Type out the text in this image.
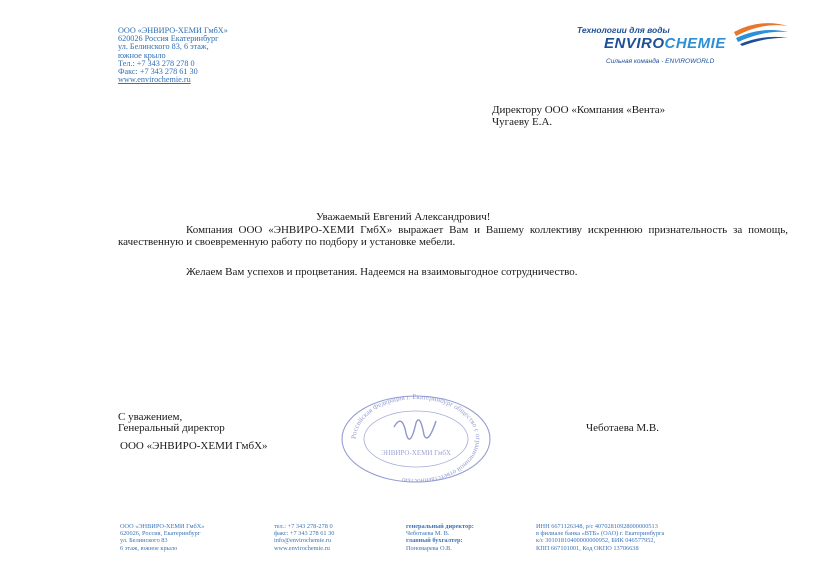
ООО «ЭНВИРО-ХЕМИ ГмбХ»
620026 Россия Екатеринбург
ул. Белинского 83, 6 этаж,
южное крыло
Тел.: +7 343 278 278 0
Факс: +7 343 278 61 30
www.envirochemie.ru
Технологии для воды
ENVIROCHEMIE
Сильная команда - ENVIROWORLD
Директору ООО «Компания «Вента»
Чугаеву Е.А.
Уважаемый Евгений Александрович!
Компания ООО «ЭНВИРО-ХЕМИ ГмбХ» выражает Вам и Вашему коллективу искреннюю признательность за помощь, качественную и своевременную работу по подбору и установке мебели.
Желаем Вам успехов и процветания. Надеемся на взаимовыгодное сотрудничество.
Российская Федерация г. Екатеринбург общество с ограниченной ответственностью
ЭНВИРО-ХЕМИ ГмбХ
С уважением,
Генеральный директор
ООО «ЭНВИРО-ХЕМИ ГмбХ»
Чеботаева М.В.
ООО «ЭНВИРО-ХЕМИ ГмбХ»
620026, Россия, Екатеринбург
ул. Белинского 83
6 этаж, южное крыло
тел.: +7 343 278-278 0
факс: +7 343 278 61 30
info@envirochemie.ru
www.envirochemie.ru
генеральный директор:
Чеботаева М. В.
главный бухгалтер:
Пономарева О.В.
ИНН 6671126348, р/с 40702810928000000513
в филиале банка «ВТБ» (ОАО) г. Екатеринбурга
к/с 30101810400000000952, БИК 046577952,
КПП 667101001, Код ОКПО 13706638
